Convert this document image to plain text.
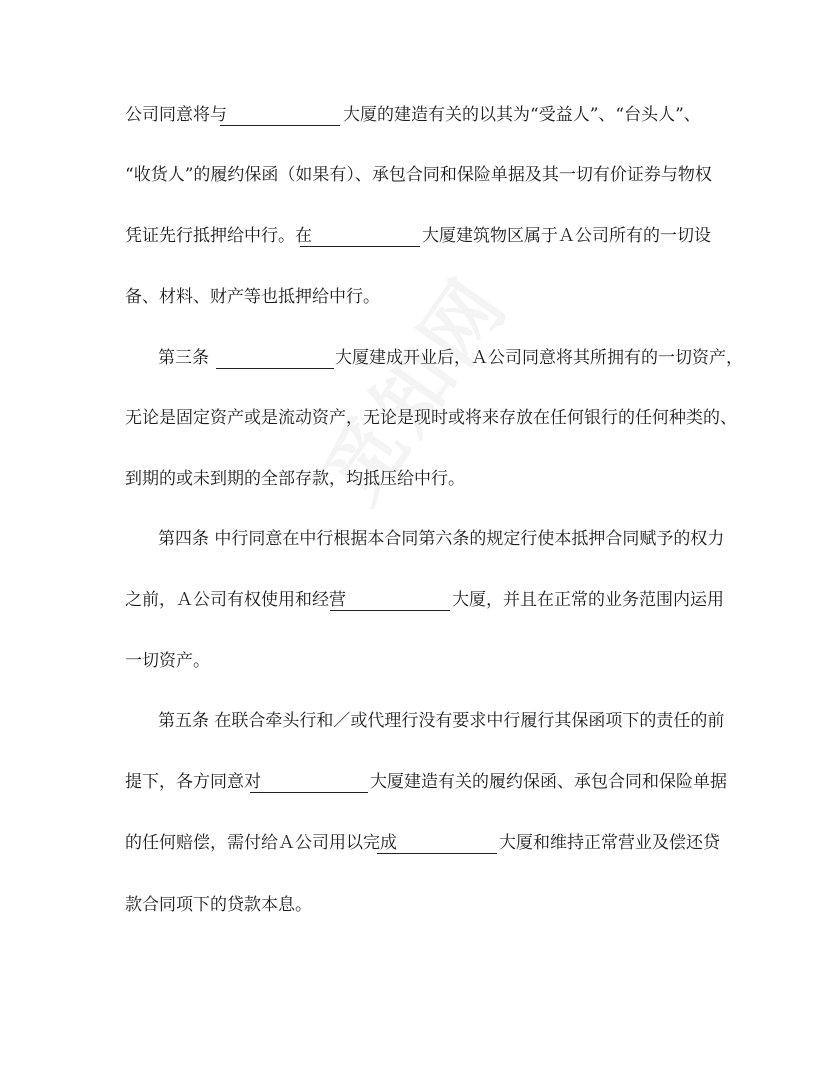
公司同意将与	大厦的建造有关的以其为“受益人”、“台头人”、
“收货人”的履约保函（如果有）、承包合同和保险单据及其一切有价证券与物权
凭证先行抵押给中行。在	大厦建筑物区属于Ａ公司所有的一切设
备、材料、财产等也抵押给中行。
第三条	大厦建成开业后，Ａ公司同意将其所拥有的一切资产，
无论是固定资产或是流动资产，无论是现时或将来存放在任何银行的任何种类的、
到期的或未到期的全部存款，均抵压给中行。
第四条 中行同意在中行根据本合同第六条的规定行使本抵押合同赋予的权力
之前，Ａ公司有权使用和经营	大厦，并且在正常的业务范围内运用
一切资产。
第五条 在联合牵头行和／或代理行没有要求中行履行其保函项下的责任的前
提下，各方同意对	大厦建造有关的履约保函、承包合同和保险单据
的任何赔偿，需付给Ａ公司用以完成	大厦和维持正常营业及偿还贷
款合同项下的贷款本息。
